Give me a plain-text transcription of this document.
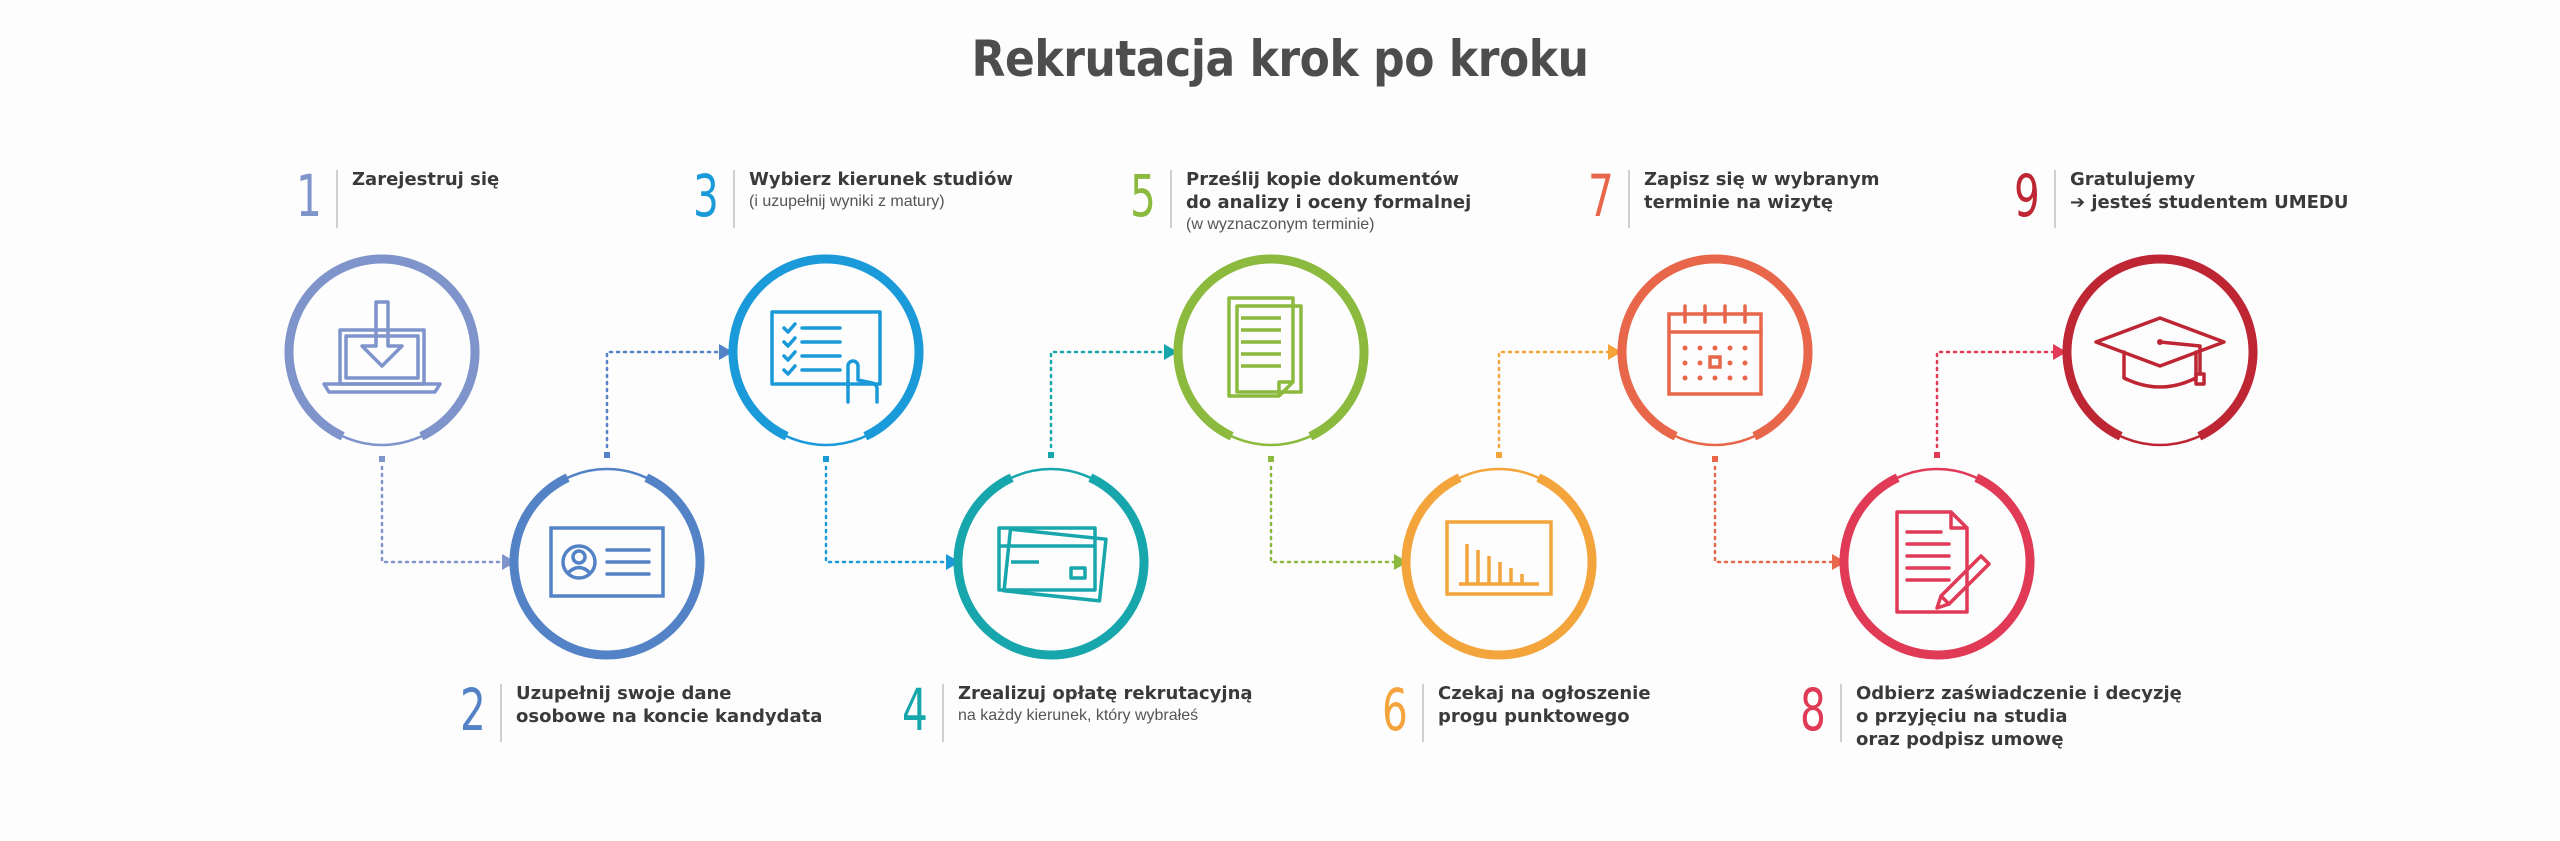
Rekrutacja krok po kroku
1 Zarejestruj się
2 Uzupełnij swoje dane
osobowe na koncie kandydata
3 Wybierz kierunek studiów
(i uzupełnij wyniki z matury)
4 Zrealizuj opłatę rekrutacyjną
na każdy kierunek, który wybrałeś
5 Prześlij kopie dokumentów
do analizy i oceny formalnej
(w wyznaczonym terminie)
6 Czekaj na ogłoszenie
progu punktowego
7 Zapisz się w wybranym
terminie na wizytę
8 Odbierz zaświadczenie i decyzję
o przyjęciu na studia
oraz podpisz umowę
9 Gratulujemy
➔ jesteś studentem UMEDU
